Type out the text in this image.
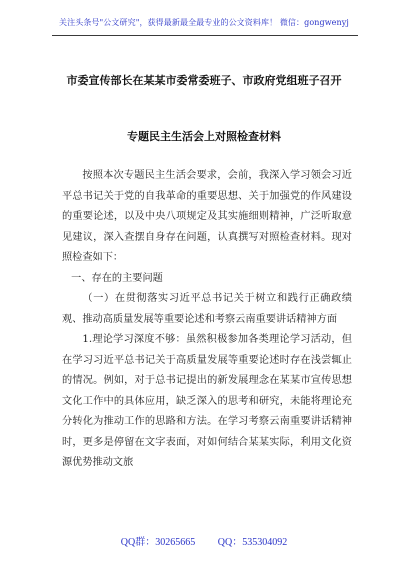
关注头条号"公文研究"，获得最新最全最专业的公文资料库！ 微信：gongwenyj
市委宣传部长在某某市委常委班子、市政府党组班子召开
专题民主生活会上对照检查材料

按照本次专题民主生活会要求，会前，我深入学习领会习近平总书记关于党的自我革命的重要思想、关于加强党的作风建设的重要论述，以及中央八项规定及其实施细则精神，广泛听取意见建议，深入查摆自身存在问题，认真撰写对照检查材料。现对照检查如下：

一、存在的主要问题

（一）在贯彻落实习近平总书记关于树立和践行正确政绩观、推动高质量发展等重要论述和考察云南重要讲话精神方面

1.理论学习深度不够：虽然积极参加各类理论学习活动，但在学习习近平总书记关于高质量发展等重要论述时存在浅尝辄止的情况。例如，对于总书记提出的新发展理念在某某市宣传思想文化工作中的具体应用，缺乏深入的思考和研究，未能将理论充分转化为推动工作的思路和方法。在学习考察云南重要讲话精神时，更多是停留在文字表面，对如何结合某某实际，利用文化资源优势推动文旅

QQ群：30265665 QQ：535304092
